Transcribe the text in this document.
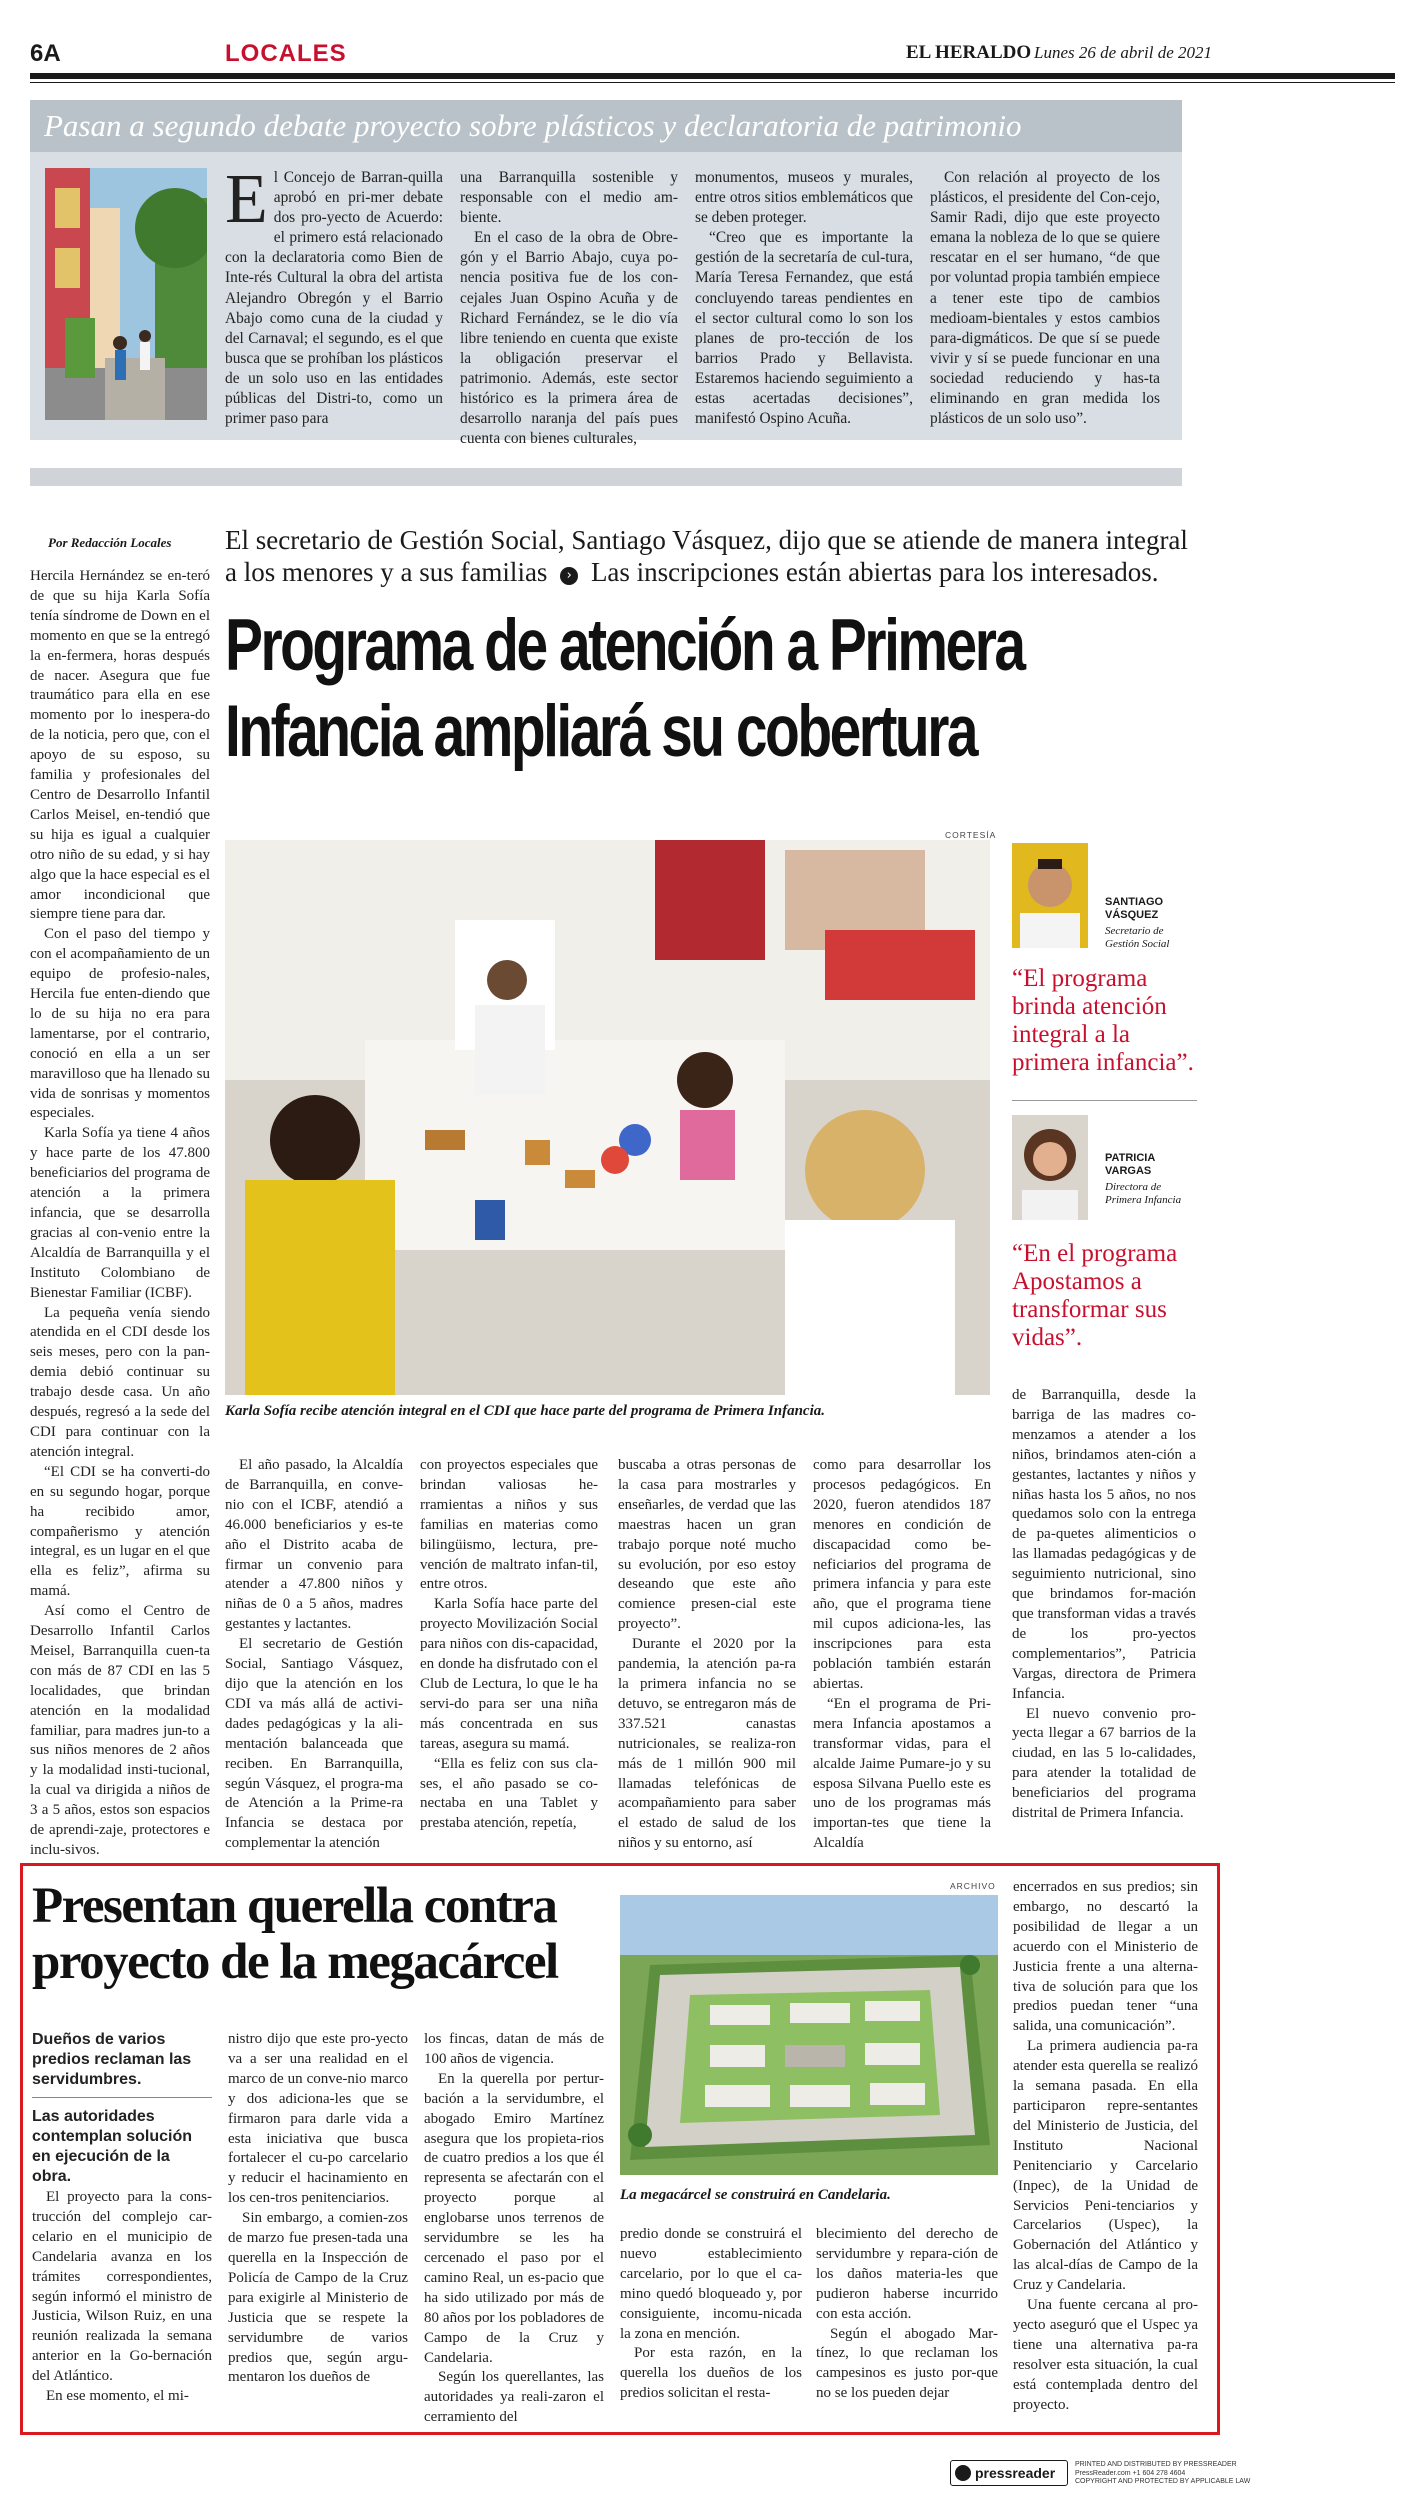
6A	LOCALES	EL HERALDO Lunes 26 de abril de 2021
Pasan a segundo debate proyecto sobre plásticos y declaratoria de patrimonio
E l Concejo de Barran-quilla aprobó en pri-mer debate dos pro-yecto de Acuerdo: el primero está relacionado con la declaratoria como Bien de Inte-rés Cultural la obra del artista Alejandro Obregón y el Barrio Abajo como cuna de la ciudad y del Carnaval; el segundo, es el que busca que se prohíban los plásticos de un solo uso en las entidades públicas del Distri-to, como un primer paso para

una Barranquilla sostenible y responsable con el medio am-biente.

En el caso de la obra de Obre-gón y el Barrio Abajo, cuya po-nencia positiva fue de los con-cejales Juan Ospino Acuña y de Richard Fernández, se le dio vía libre teniendo en cuenta que existe la obligación preservar el patrimonio. Además, este sector histórico es la primera área de desarrollo naranja del país pues cuenta con bienes culturales,

monumentos, museos y murales, entre otros sitios emblemáticos que se deben proteger.

“Creo que es importante la gestión de la secretaría de cul-tura, María Teresa Fernandez, que está concluyendo tareas pendientes en el sector cultural como lo son los planes de pro-tección de los barrios Prado y Bellavista. Estaremos haciendo seguimiento a estas acertadas decisiones”, manifestó Ospino Acuña.

Con relación al proyecto de los plásticos, el presidente del Con-cejo, Samir Radi, dijo que este proyecto emana la nobleza de lo que se quiere rescatar en el ser humano, “de que por voluntad propia también empiece a tener este tipo de cambios medioam-bientales y estos cambios para-digmáticos. De que sí se puede vivir y sí se puede funcionar en una sociedad reduciendo y has-ta eliminando en gran medida los plásticos de un solo uso”.

Por Redacción Locales

Hercila Hernández se en-teró de que su hija Karla Sofía tenía síndrome de Down en el momento en que se la entregó la en-fermera, horas después de nacer. Asegura que fue traumático para ella en ese momento por lo inespera-do de la noticia, pero que, con el apoyo de su esposo, su familia y profesionales del Centro de Desarrollo Infantil Carlos Meisel, en-tendió que su hija es igual a cualquier otro niño de su edad, y si hay algo que la hace especial es el amor incondicional que siempre tiene para dar.

Con el paso del tiempo y con el acompañamiento de un equipo de profesio-nales, Hercila fue enten-diendo que lo de su hija no era para lamentarse, por el contrario, conoció en ella a un ser maravilloso que ha llenado su vida de sonrisas y momentos especiales.

Karla Sofía ya tiene 4 años y hace parte de los 47.800 beneficiarios del programa de atención a la primera infancia, que se desarrolla gracias al con-venio entre la Alcaldía de Barranquilla y el Instituto Colombiano de Bienestar Familiar (ICBF).

La pequeña venía siendo atendida en el CDI desde los seis meses, pero con la pan-demia debió continuar su trabajo desde casa. Un año después, regresó a la sede del CDI para continuar con la atención integral.

“El CDI se ha converti-do en su segundo hogar, porque ha recibido amor, compañerismo y atención integral, es un lugar en el que ella es feliz”, afirma su mamá.

Así como el Centro de Desarrollo Infantil Carlos Meisel, Barranquilla cuen-ta con más de 87 CDI en las 5 localidades, que brindan atención en la modalidad familiar, para madres jun-to a sus niños menores de 2 años y la modalidad insti-tucional, la cual va dirigida a niños de 3 a 5 años, estos son espacios de aprendi-zaje, protectores e inclu-sivos.

El secretario de Gestión Social, Santiago Vásquez, dijo que se atiende de manera integral
a los menores y a sus familias › Las inscripciones están abiertas para los interesados.
Programa de atención a Primera
Infancia ampliará su cobertura
CORTESÍA
Karla Sofía recibe atención integral en el CDI que hace parte del programa de Primera Infancia.
SANTIAGO VÁSQUEZ
Secretario de Gestión Social
“El programa brinda atención integral a la primera infancia”.
PATRICIA VARGAS
Directora de Primera Infancia
“En el programa Apostamos a transformar sus vidas”.

de Barranquilla, desde la barriga de las madres co-menzamos a atender a los niños, brindamos aten-ción a gestantes, lactantes y niños y niñas hasta los 5 años, no nos quedamos solo con la entrega de pa-quetes alimenticios o las llamadas pedagógicas y de seguimiento nutricional, sino que brindamos for-mación que transforman vidas a través de los pro-yectos complementarios”, Patricia Vargas, directora de Primera Infancia.

El nuevo convenio pro-yecta llegar a 67 barrios de la ciudad, en las 5 lo-calidades, para atender la totalidad de beneficiarios del programa distrital de Primera Infancia.

El año pasado, la Alcaldía de Barranquilla, en conve-nio con el ICBF, atendió a 46.000 beneficiarios y es-te año el Distrito acaba de firmar un convenio para atender a 47.800 niños y niñas de 0 a 5 años, madres gestantes y lactantes.

El secretario de Gestión Social, Santiago Vásquez, dijo que la atención en los CDI va más allá de activi-dades pedagógicas y la ali-mentación balanceada que reciben. En Barranquilla, según Vásquez, el progra-ma de Atención a la Prime-ra Infancia se destaca por complementar la atención

con proyectos especiales que brindan valiosas he-rramientas a niños y sus familias en materias como bilingüismo, lectura, pre-vención de maltrato infan-til, entre otros.

Karla Sofía hace parte del proyecto Movilización Social para niños con dis-capacidad, en donde ha disfrutado con el Club de Lectura, lo que le ha servi-do para ser una niña más concentrada en sus tareas, asegura su mamá.

“Ella es feliz con sus cla-ses, el año pasado se co-nectaba en una Tablet y prestaba atención, repetía,

buscaba a otras personas de la casa para mostrarles y enseñarles, de verdad que las maestras hacen un gran trabajo porque noté mucho su evolución, por eso estoy deseando que este año comience presen-cial este proyecto”.

Durante el 2020 por la pandemia, la atención pa-ra la primera infancia no se detuvo, se entregaron más de 337.521 canastas nutricionales, se realiza-ron más de 1 millón 900 mil llamadas telefónicas de acompañamiento para saber el estado de salud de los niños y su entorno, así

como para desarrollar los procesos pedagógicos. En 2020, fueron atendidos 187 menores en condición de discapacidad como be-neficiarios del programa de primera infancia y para este año, que el programa tiene mil cupos adiciona-les, las inscripciones para esta población también estarán abiertas.

“En el programa de Pri-mera Infancia apostamos a transformar vidas, para el alcalde Jaime Pumare-jo y su esposa Silvana Puello este es uno de los programas más importan-tes que tiene la Alcaldía

Presentan querella contra
proyecto de la megacárcel
Dueños de varios predios reclaman las servidumbres.
Las autoridades contemplan solución en ejecución de la obra.

El proyecto para la cons-trucción del complejo car-celario en el municipio de Candelaria avanza en los trámites correspondientes, según informó el ministro de Justicia, Wilson Ruiz, en una reunión realizada la semana anterior en la Go-bernación del Atlántico.

En ese momento, el mi-

nistro dijo que este pro-yecto va a ser una realidad en el marco de un conve-nio marco y dos adiciona-les que se firmaron para darle vida a esta iniciativa que busca fortalecer el cu-po carcelario y reducir el hacinamiento en los cen-tros penitenciarios.

Sin embargo, a comien-zos de marzo fue presen-tada una querella en la Inspección de Policía de Campo de la Cruz para exigirle al Ministerio de Justicia que se respete la servidumbre de varios predios que, según argu-mentaron los dueños de

los fincas, datan de más de 100 años de vigencia.

En la querella por pertur-bación a la servidumbre, el abogado Emiro Martínez asegura que los propieta-rios de cuatro predios a los que él representa se afectarán con el proyecto porque al englobarse unos terrenos de servidumbre se les ha cercenado el paso por el camino Real, un es-pacio que ha sido utilizado por más de 80 años por los pobladores de Campo de la Cruz y Candelaria.

Según los querellantes, las autoridades ya reali-zaron el cerramiento del

ARCHIVO
La megacárcel se construirá en Candelaria.

predio donde se construirá el nuevo establecimiento carcelario, por lo que el ca-mino quedó bloqueado y, por consiguiente, incomu-nicada la zona en mención.

Por esta razón, en la querella los dueños de los predios solicitan el resta-

blecimiento del derecho de servidumbre y repara-ción de los daños materia-les que pudieron haberse incurrido con esta acción.

Según el abogado Mar-tínez, lo que reclaman los campesinos es justo por-que no se los pueden dejar

encerrados en sus predios; sin embargo, no descartó la posibilidad de llegar a un acuerdo con el Ministerio de Justicia frente a una alterna-tiva de solución para que los predios puedan tener “una salida, una comunicación”.

La primera audiencia pa-ra atender esta querella se realizó la semana pasada. En ella participaron repre-sentantes del Ministerio de Justicia, del Instituto Nacional Penitenciario y Carcelario (Inpec), de la Unidad de Servicios Peni-tenciarios y Carcelarios (Uspec), la Gobernación del Atlántico y las alcal-días de Campo de la Cruz y Candelaria.

Una fuente cercana al pro-yecto aseguró que el Uspec ya tiene una alternativa pa-ra resolver esta situación, la cual está contemplada dentro del proyecto.

pressreader
PRINTED AND DISTRIBUTED BY PRESSREADER
PressReader.com +1 604 278 4604
COPYRIGHT AND PROTECTED BY APPLICABLE LAW
